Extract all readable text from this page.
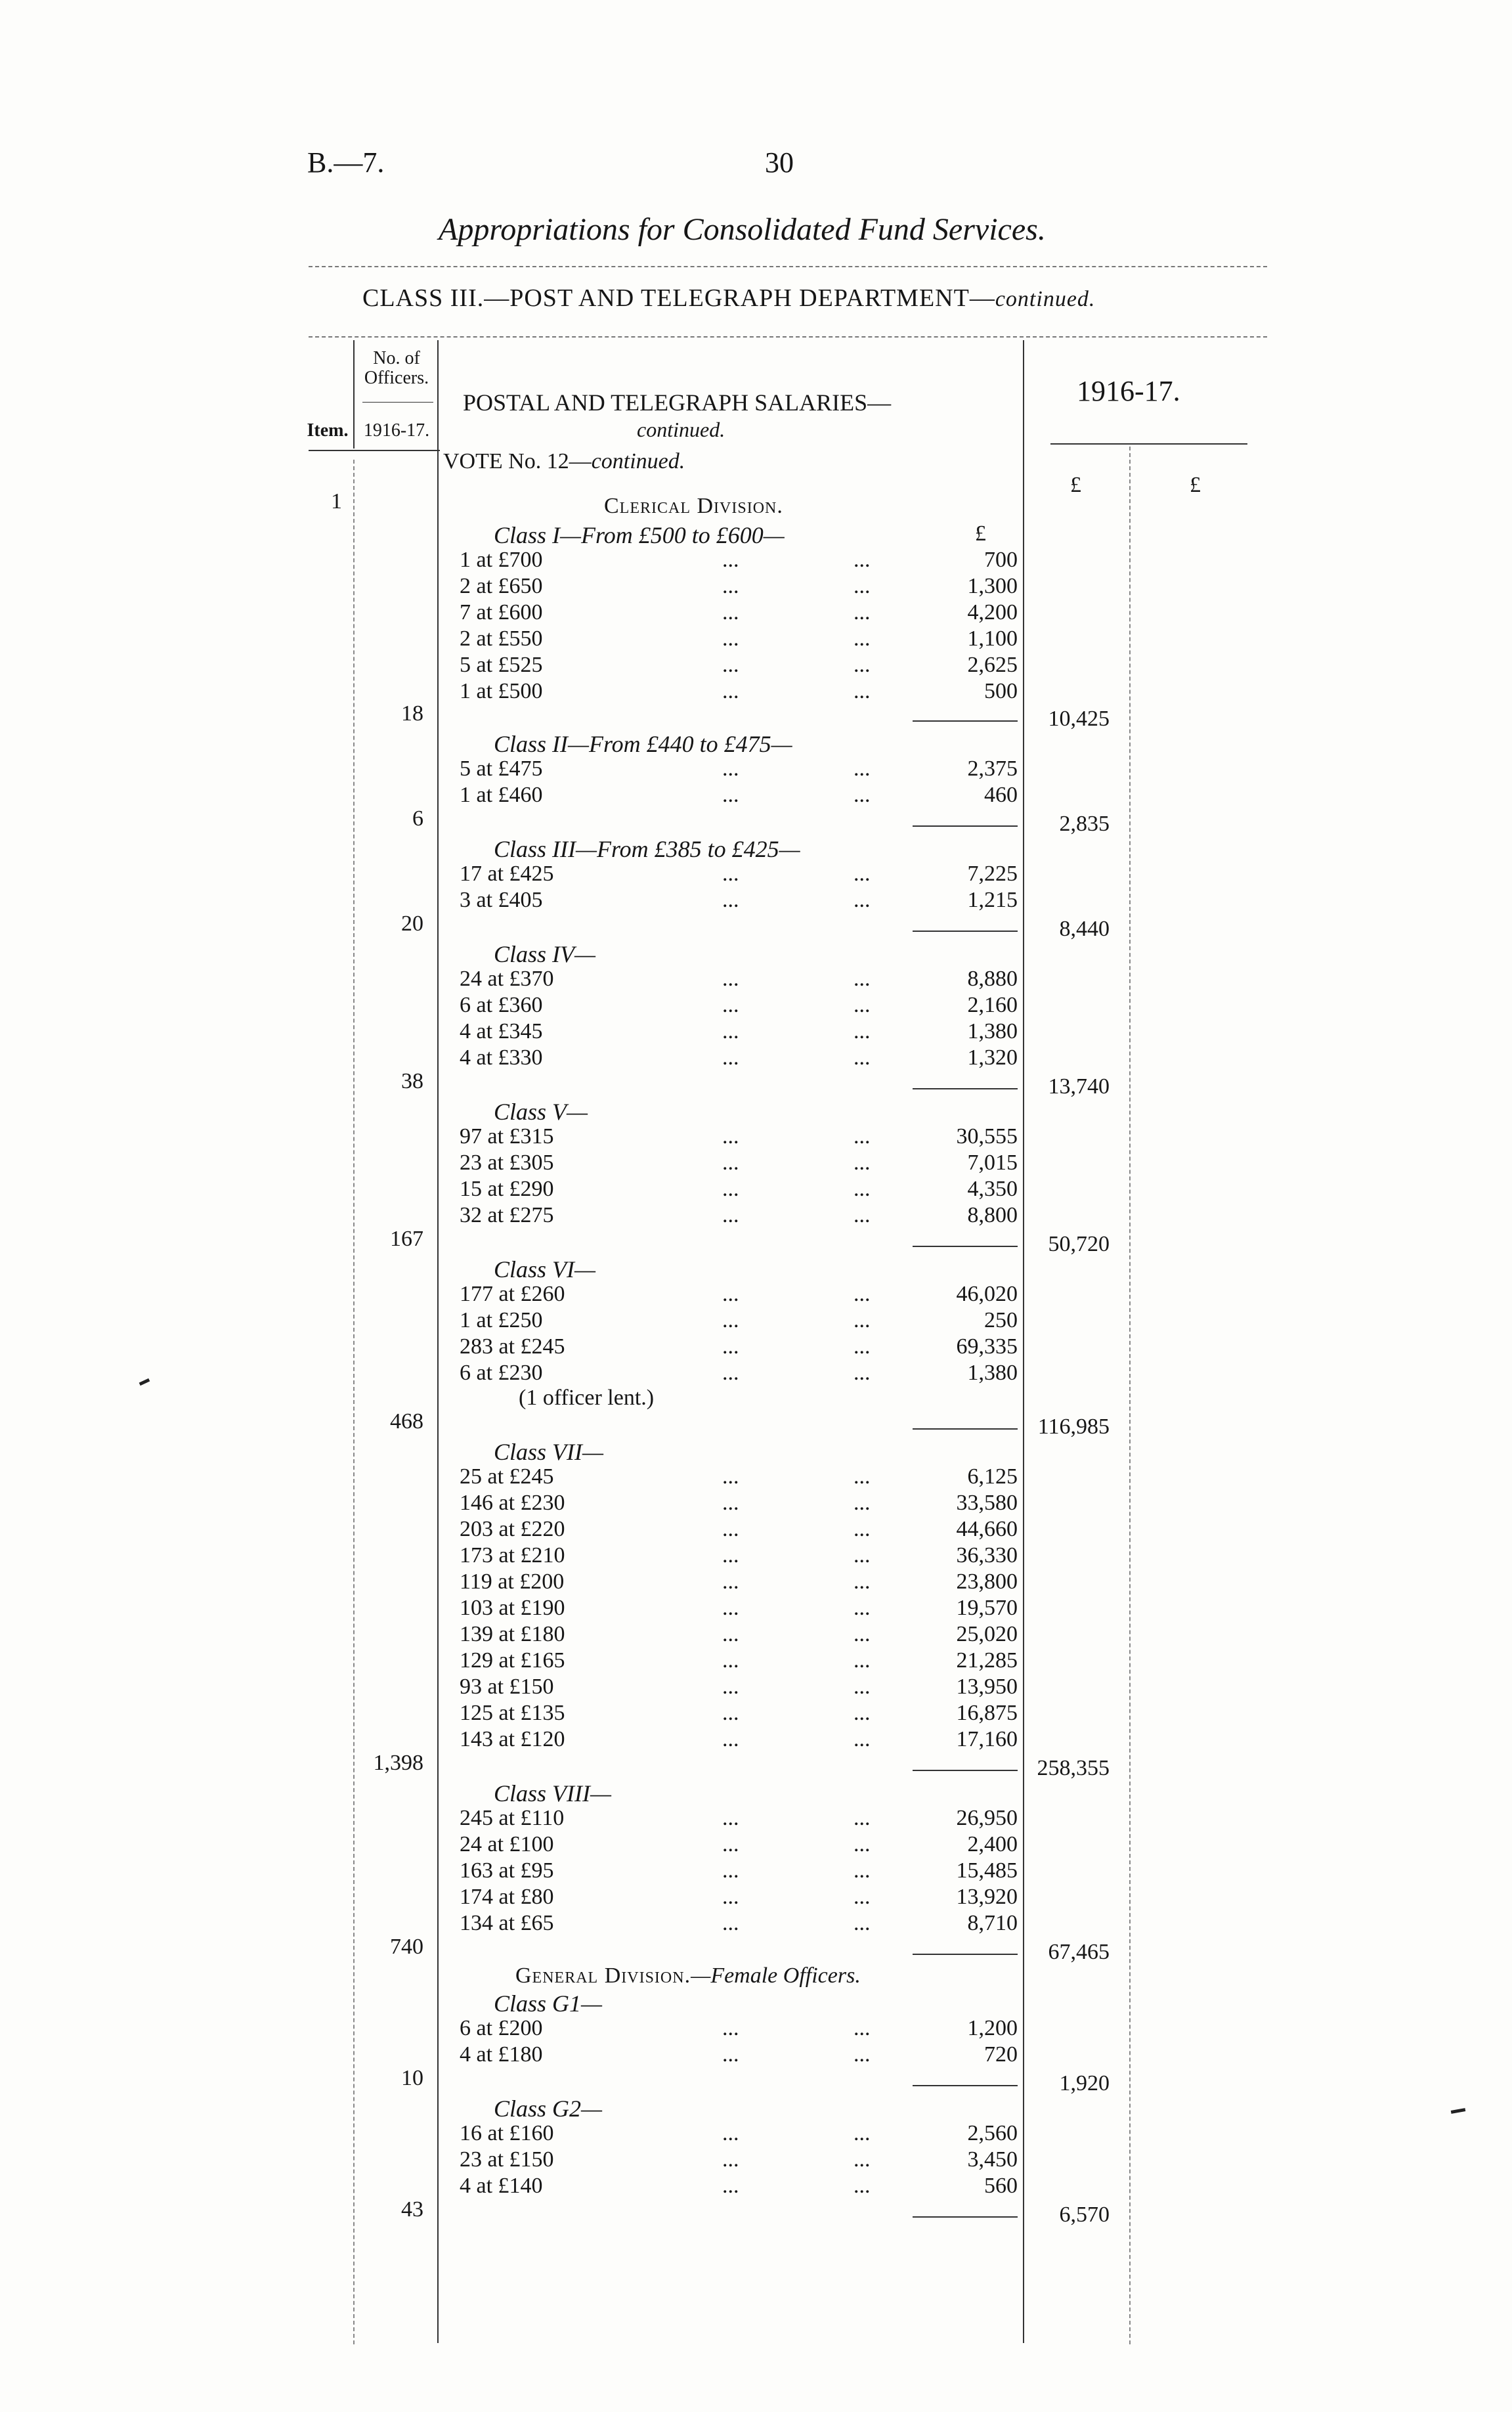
B.—7.	30
Appropriations for Consolidated Fund Services.
CLASS III.—POST AND TELEGRAPH DEPARTMENT—continued.
No. of
Officers.
Item. 1916-17.
POSTAL AND TELEGRAPH SALARIES—
continued.
1916-17.
VOTE No. 12—continued.
£	£
1	Clerical Division.
£
Class I—From £500 to £600—
1 at £700	...	...	700
2 at £650	...	...	1,300
7 at £600	...	...	4,200
2 at £550	...	...	1,100
5 at £525	...	...	2,625
1 at £500	...	...	500
18	10,425
Class II—From £440 to £475—
5 at £475	...	...	2,375
1 at £460	...	...	460
6	2,835
Class III—From £385 to £425—
17 at £425	...	...	7,225
3 at £405	...	...	1,215
20	8,440
Class IV—
24 at £370	...	...	8,880
6 at £360	...	...	2,160
4 at £345	...	...	1,380
4 at £330	...	...	1,320
38	13,740
Class V—
97 at £315	...	...	30,555
23 at £305	...	...	7,015
15 at £290	...	...	4,350
32 at £275	...	...	8,800
167	50,720
Class VI—
177 at £260	...	...	46,020
1 at £250	...	...	250
283 at £245	...	...	69,335
6 at £230	...	...	1,380
(1 officer lent.)
468	116,985
Class VII—
25 at £245	...	...	6,125
146 at £230	...	...	33,580
203 at £220	...	...	44,660
173 at £210	...	...	36,330
119 at £200	...	...	23,800
103 at £190	...	...	19,570
139 at £180	...	...	25,020
129 at £165	...	...	21,285
93 at £150	...	...	13,950
125 at £135	...	...	16,875
143 at £120	...	...	17,160
1,398	258,355
Class VIII—
245 at £110	...	...	26,950
24 at £100	...	...	2,400
163 at £95	...	...	15,485
174 at £80	...	...	13,920
134 at £65	...	...	8,710
740	67,465
General Division.—Female Officers.
Class G1—
6 at £200	...	...	1,200
4 at £180	...	...	720
10	1,920
Class G2—
16 at £160	...	...	2,560
23 at £150	...	...	3,450
4 at £140	...	...	560
43	6,570
